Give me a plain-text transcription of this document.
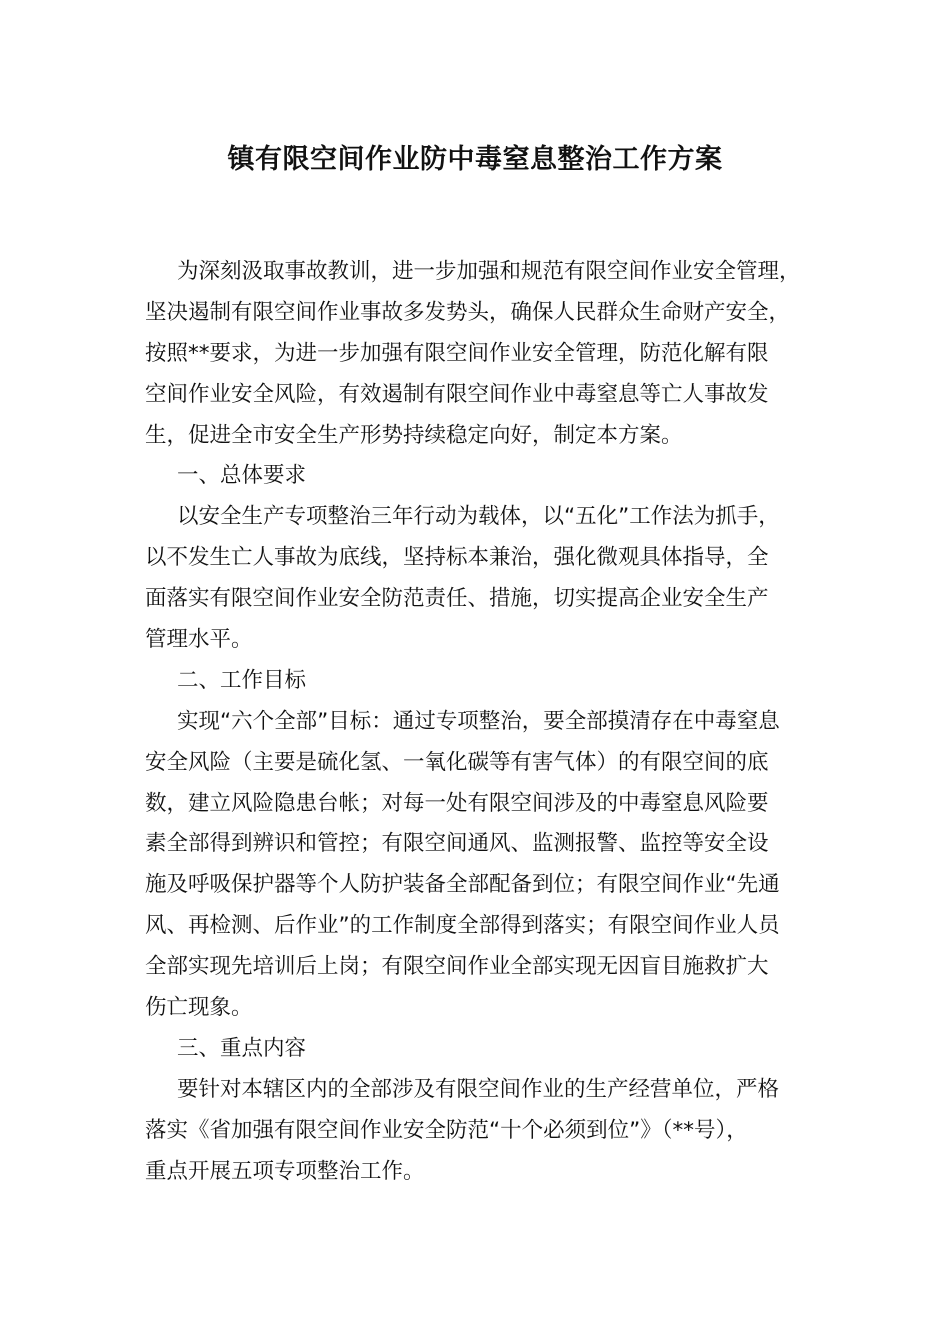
镇有限空间作业防中毒窒息整治工作方案
为深刻汲取事故教训，进一步加强和规范有限空间作业安全管理，
坚决遏制有限空间作业事故多发势头，确保人民群众生命财产安全，
按照**要求，为进一步加强有限空间作业安全管理，防范化解有限
空间作业安全风险，有效遏制有限空间作业中毒窒息等亡人事故发
生，促进全市安全生产形势持续稳定向好，制定本方案。
一、总体要求
以安全生产专项整治三年行动为载体，以“五化”工作法为抓手，
以不发生亡人事故为底线，坚持标本兼治，强化微观具体指导，全
面落实有限空间作业安全防范责任、措施，切实提高企业安全生产
管理水平。
二、工作目标
实现“六个全部”目标：通过专项整治，要全部摸清存在中毒窒息
安全风险（主要是硫化氢、一氧化碳等有害气体）的有限空间的底
数，建立风险隐患台帐；对每一处有限空间涉及的中毒窒息风险要
素全部得到辨识和管控；有限空间通风、监测报警、监控等安全设
施及呼吸保护器等个人防护装备全部配备到位；有限空间作业“先通
风、再检测、后作业”的工作制度全部得到落实；有限空间作业人员
全部实现先培训后上岗；有限空间作业全部实现无因盲目施救扩大
伤亡现象。
三、重点内容
要针对本辖区内的全部涉及有限空间作业的生产经营单位，严格
落实《省加强有限空间作业安全防范“十个必须到位”》（**号），
重点开展五项专项整治工作。
